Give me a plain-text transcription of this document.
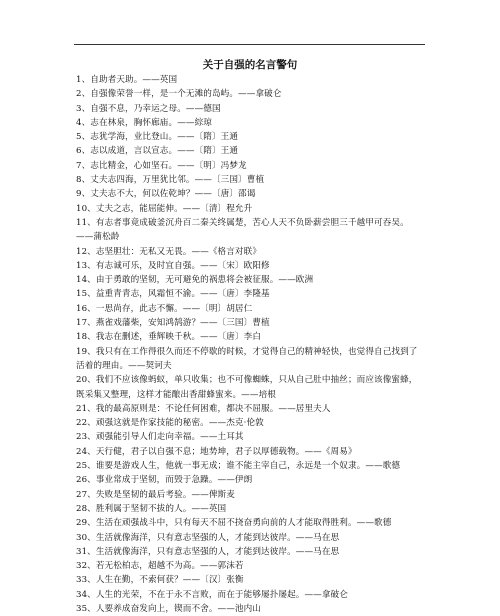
关于自强的名言警句
1、自助者天助。——英国
2、自强像荣誉一样，是一个无滩的岛屿。——拿破仑
3、自强不息，乃幸运之母。——德国
4、志在林泉，胸怀廊庙。——綜琼
5、志犹学海，业比登山。——〔隋〕王通
6、志以成道，言以宣志。——〔隋〕王通
7、志比精金，心如坚石。——〔明〕冯梦龙
8、丈夫志四海，万里犹比邻。——〔三国〕曹植
9、丈夫志不大，何以佐乾坤？——〔唐〕邵谒
10、丈夫之志，能屈能伸。——〔清〕程允升
11、有志者事竟成破釜沉舟百二秦关终属楚，苦心人天不负卧薪尝胆三千越甲可吞吴。——蒲松龄
12、志坚胆壮：无私又无畏。——《格言对联》
13、有志诚可乐，及时宜自强。——〔宋〕欧阳修
14、由于勇敢的坚韧，无可避免的祸患将会被征服。——欧洲
15、益重青青志，风霜恒不渝。——〔唐〕李隆基
16、一思尚存，此志不懈。——〔明〕胡居仁
17、燕雀戏藩柴，安知鸿鹄游？——〔三国〕曹植
18、我志在删述，垂辉映千秋。——〔唐〕李白
19、我只有在工作得很久而还不停歇的时候，才觉得自己的精神轻快，也觉得自己找到了活着的理由。——契诃夫
20、我们不应该像蚂蚁，单只收集；也不可像蜘蛛，只从自己肚中抽丝；而应该像蜜蜂，既采集又整理，这样才能酿出香甜蜂蜜来。——培根
21、我的最高原则是：不论任何困难，都决不屈服。——居里夫人
22、顽强这就是作家技能的秘密。——杰克·伦敦
23、顽强能引导人们走向幸福。——土耳其
24、天行健，君子以自强不息；地势坤，君子以厚德载物。——《周易》
25、谁要是游戏人生，他就一事无成；谁不能主宰自己，永远是一个奴隶。——歌德
26、事业常成于坚韧，而毁于急躁。——伊朗
27、失败是坚韧的最后考验。——俾斯麦
28、胜利属于坚韧不拔的人。——英国
29、生活在顽强战斗中，只有每天不屈不挠奋勇向前的人才能取得胜利。——歌德
30、生活就像海洋，只有意志坚强的人，才能到达彼岸。——马在思
31、生活就像海洋，只有意志坚强的人，才能到达彼岸。——马在思
32、若无松柏志，超越不为高。——郭沫若
33、人生在勤，不索何获？——〔汉〕张衡
34、人生的光荣，不在于永不言败，而在于能够屡扑屡起。——拿破仑
35、人要养成奋发向上，锲而不舍。——池内山
